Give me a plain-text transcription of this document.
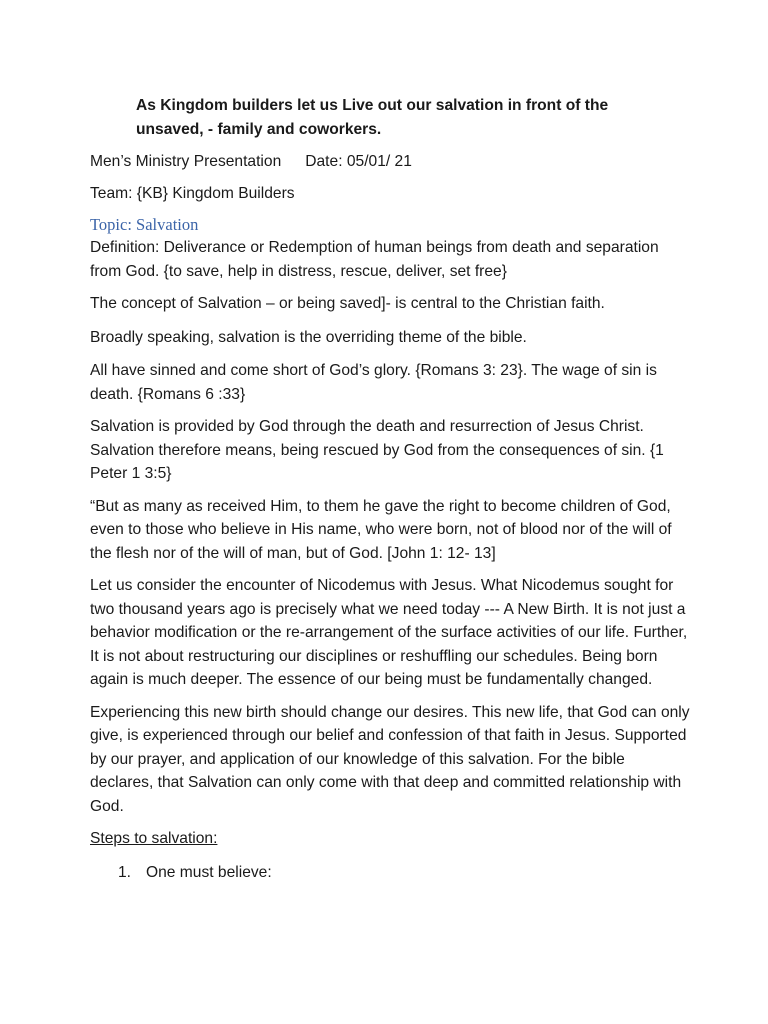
As Kingdom builders let us Live out our salvation in front of the unsaved, - family and coworkers.
Men’s Ministry Presentation Date: 05/01/ 21
Team: {KB} Kingdom Builders
Topic: Salvation

Definition: Deliverance or Redemption of human beings from death and separation from God. {to save, help in distress, rescue, deliver, set free}

The concept of Salvation – or being saved]- is central to the Christian faith.

Broadly speaking, salvation is the overriding theme of the bible.

All have sinned and come short of God’s glory. {Romans 3: 23}. The wage of sin is death. {Romans 6 :33}

Salvation is provided by God through the death and resurrection of Jesus Christ. Salvation therefore means, being rescued by God from the consequences of sin. {1 Peter 1 3:5}

“But as many as received Him, to them he gave the right to become children of God, even to those who believe in His name, who were born, not of blood nor of the will of the flesh nor of the will of man, but of God. [John 1: 12- 13]

Let us consider the encounter of Nicodemus with Jesus. What Nicodemus sought for two thousand years ago is precisely what we need today --- A New Birth. It is not just a behavior modification or the re-arrangement of the surface activities of our life. Further, It is not about restructuring our disciplines or reshuffling our schedules. Being born again is much deeper. The essence of our being must be fundamentally changed.

Experiencing this new birth should change our desires. This new life, that God can only give, is experienced through our belief and confession of that faith in Jesus. Supported by our prayer, and application of our knowledge of this salvation. For the bible declares, that Salvation can only come with that deep and committed relationship with God.

Steps to salvation:
1. One must believe:
